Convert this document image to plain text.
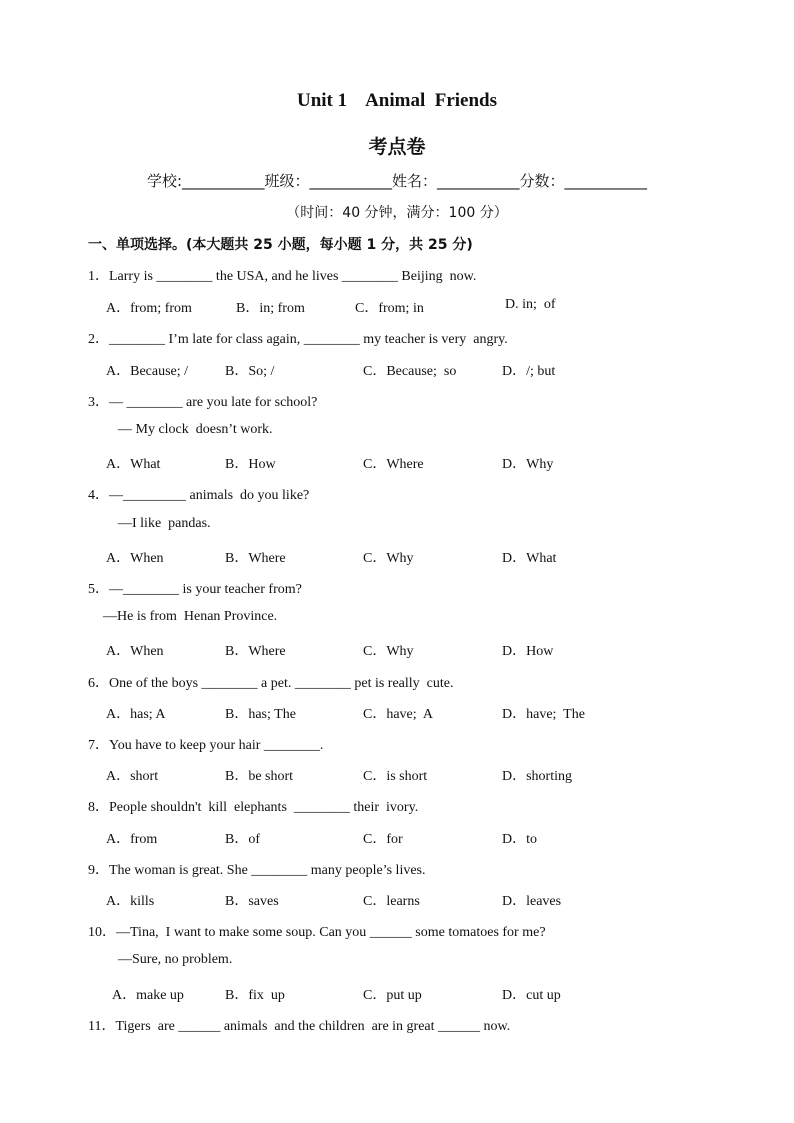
Unit 1    Animal  Friends
考点卷
学校:___________班级：___________姓名：___________分数：___________
（时间：40 分钟，满分：100 分）
一、单项选择。(本大题共 25 小题，每小题 1 分，共 25 分)
1．Larry is ________ the USA, and he lives ________ Beijing  now.
A．from; from	B．in; from	C．from; in	D. in;  of
2．________ I’m late for class again, ________ my teacher is very  angry.
A．Because; /	B．So; /	C．Because;  so	D．/; but
3．— ________ are you late for school?
— My clock  doesn’t work.
A．What	B．How	C．Where	D．Why
4．—_________ animals  do you like?
—I like  pandas.
A．When	B．Where	C．Why	D．What
5．—________ is your teacher from?
—He is from  Henan Province.
A．When	B．Where	C．Why	D．How
6．One of the boys ________ a pet. ________ pet is really  cute.
A．has; A	B．has; The	C．have;  A	D．have;  The
7．You have to keep your hair ________.
A．short	B．be short	C．is short	D．shorting
8．People shouldn't  kill  elephants  ________ their  ivory.
A．from	B．of	C．for	D．to
9．The woman is great. She ________ many people’s lives.
A．kills	B．saves	C．learns	D．leaves
10．—Tina,  I want to make some soup. Can you ______ some tomatoes for me?
—Sure, no problem.
A．make up	B．fix  up	C．put up	D．cut up
11．Tigers  are ______ animals  and the children  are in great ______ now.
